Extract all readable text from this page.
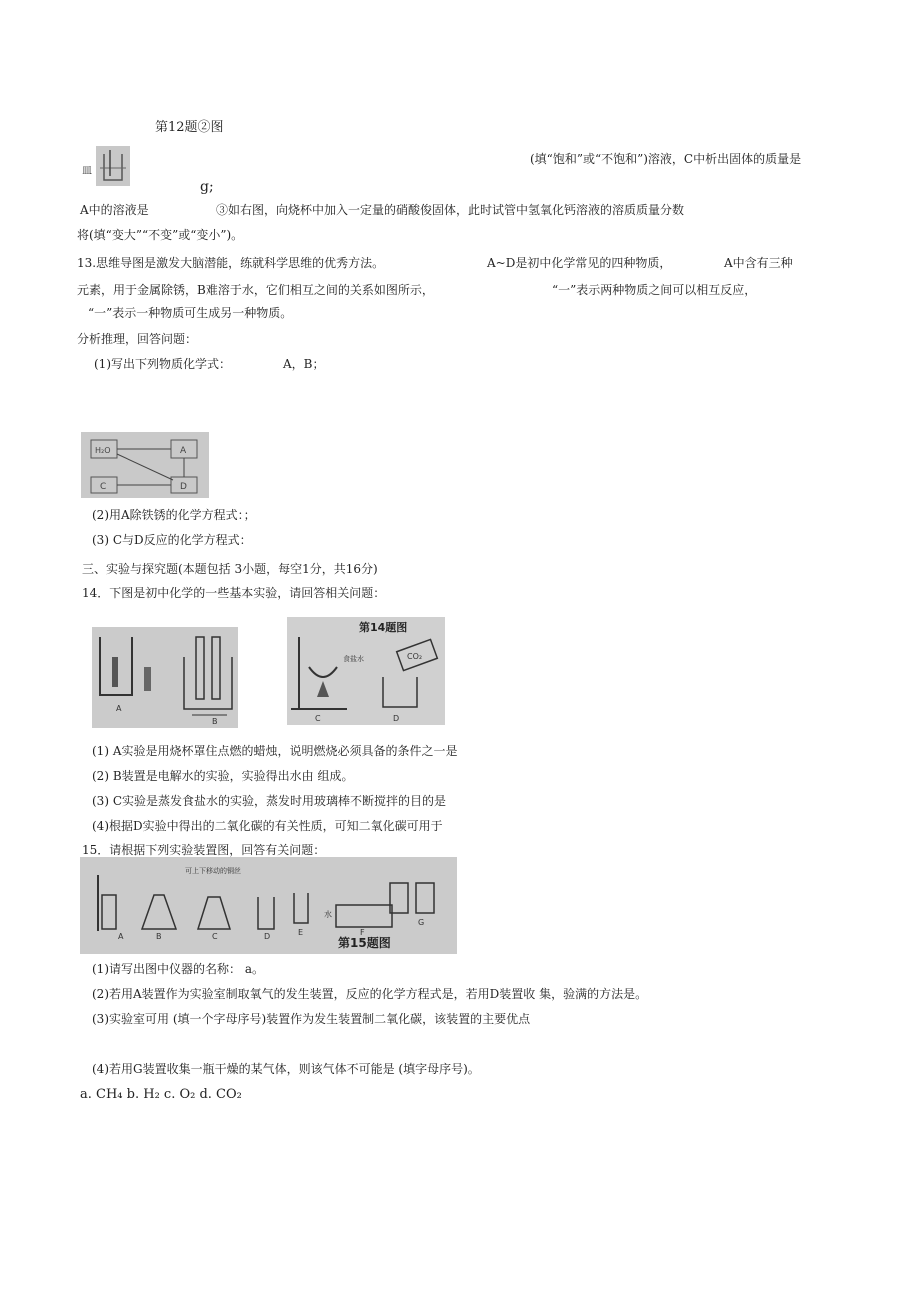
第12题②图
皿
(填“饱和”或“不饱和”)溶液，C中析出固体的质量是
g;
A中的溶液是	③如右图，向烧杯中加入一定量的硝酸俊固体，此时试管中氢氧化钙溶液的溶质质量分数
将(填“变大”“不变”或“变小”)。
13.思维导图是激发大脑潜能，练就科学思维的优秀方法。	A~D是初中化学常见的四种物质，	A中含有三种
元素，用于金属除锈，B难溶于水，它们相互之间的关系如图所示，	“一”表示两种物质之间可以相互反应，
“一”表示一种物质可生成另一种物质。
分析推理，回答问题：
(1)写出下列物质化学式：	A，B；
H₂O	A
C	D
(2)用A除铁锈的化学方程式：；
(3) C与D反应的化学方程式：
三、实验与探究题(本题包括 3小题，每空1分，共16分)
14．下图是初中化学的一些基本实验，请回答相关问题：
A
B
第14题图
食盐水
C
CO₂
D
(1) A实验是用烧杯罩住点燃的蜡烛，说明燃烧必须具备的条件之一是
(2) B装置是电解水的实验，实验得出水由 组成。
(3) C实验是蒸发食盐水的实验，蒸发时用玻璃棒不断搅拌的目的是
(4)根据D实验中得出的二氧化碳的有关性质，可知二氧化碳可用于
15．请根据下列实验装置图，回答有关问题：
可上下移动的铜丝
A	B	C	D	E
水
F
G
第15题图
(1)请写出图中仪器的名称： a。
(2)若用A装置作为实验室制取氧气的发生装置，反应的化学方程式是，若用D装置收 集，验满的方法是。
(3)实验室可用 (填一个字母序号)装置作为发生装置制二氧化碳，该装置的主要优点
(4)若用G装置收集一瓶干燥的某气体，则该气体不可能是 (填字母序号)。
a. CH₄ b. H₂ c. O₂ d. CO₂
